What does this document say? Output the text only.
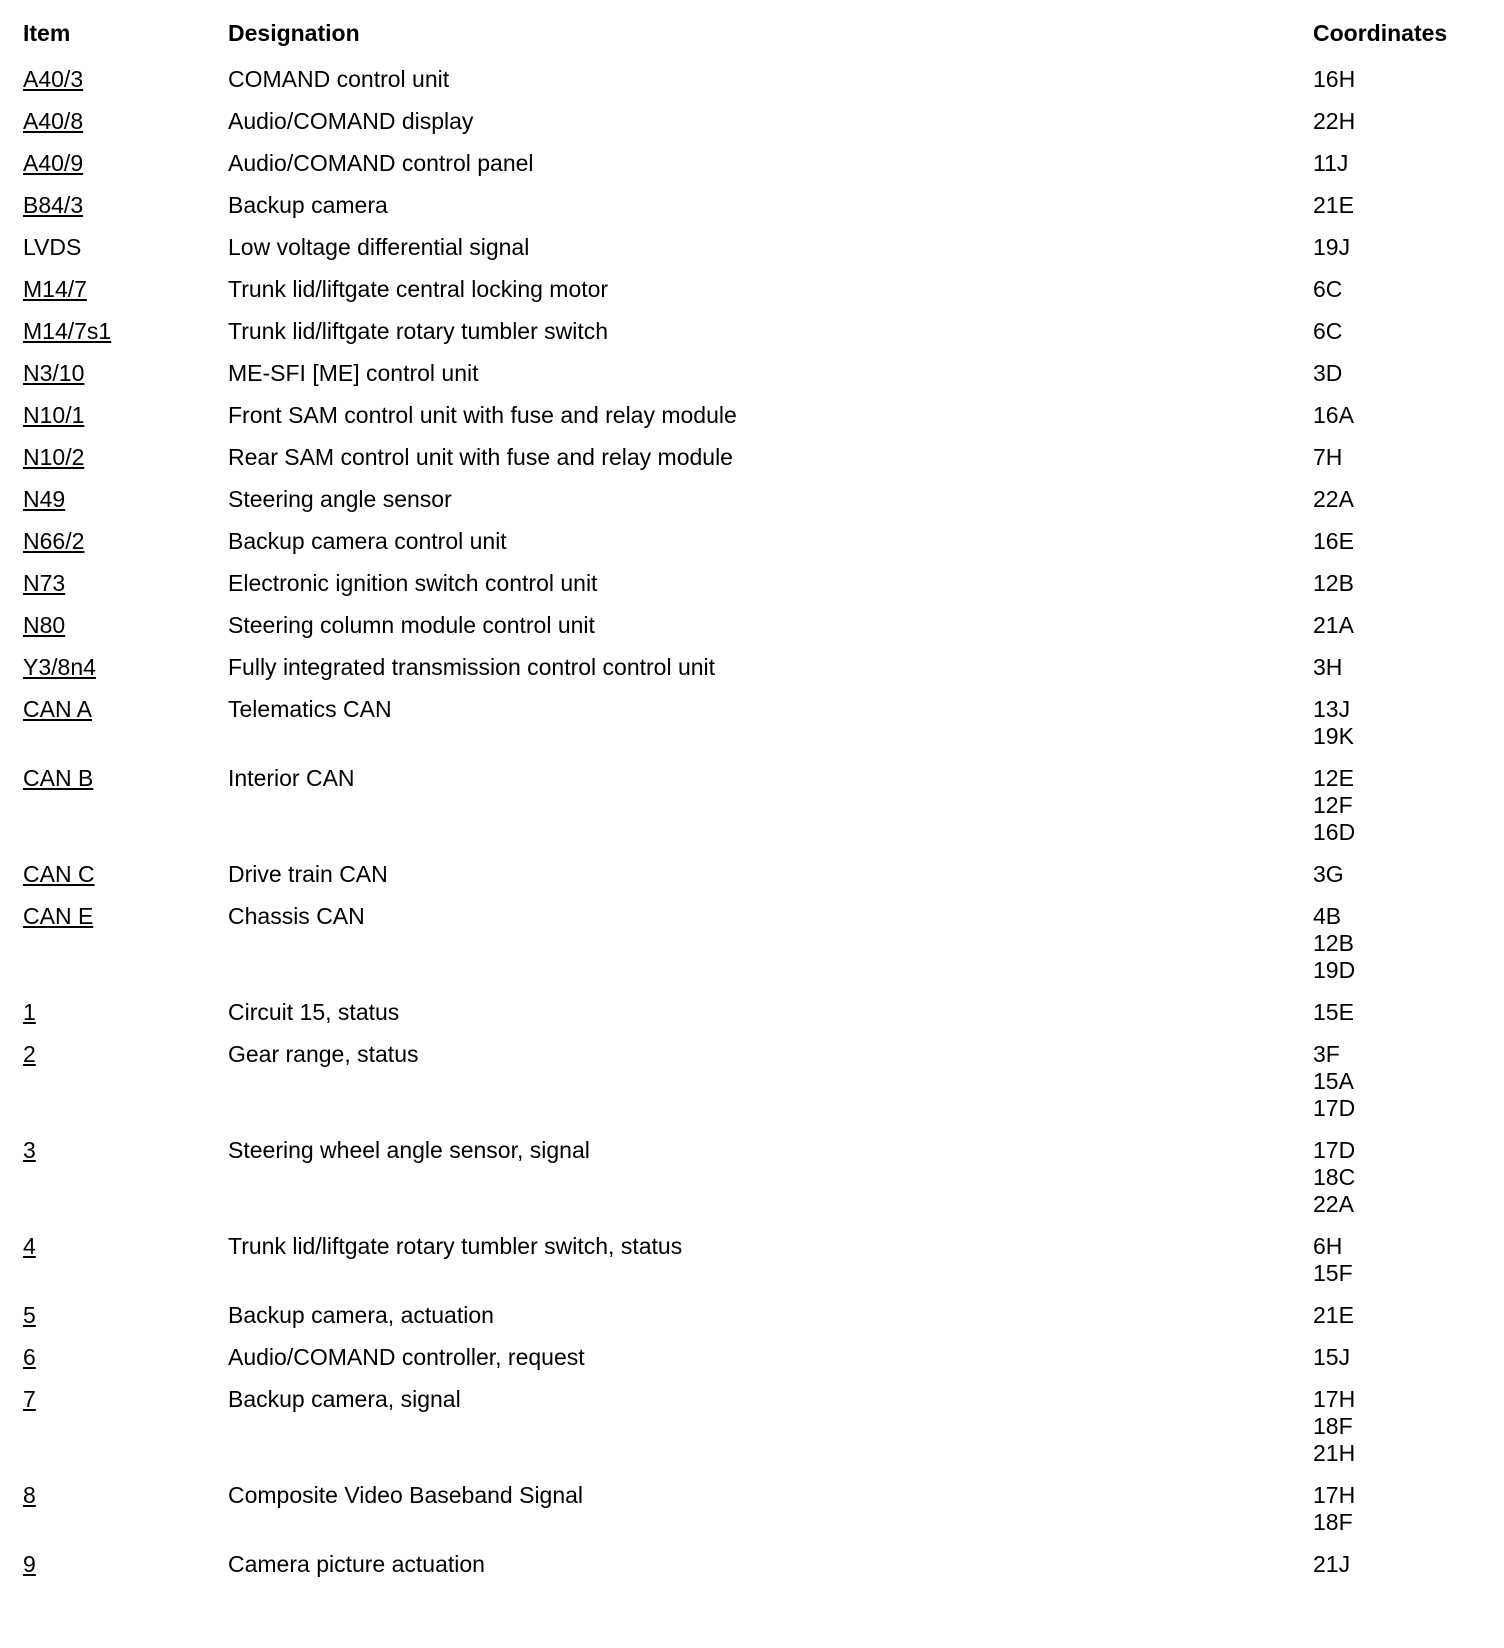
Item	Designation	Coordinates
A40/3	COMAND control unit	16H
A40/8	Audio/COMAND display	22H
A40/9	Audio/COMAND control panel	11J
B84/3	Backup camera	21E
LVDS	Low voltage differential signal	19J
M14/7	Trunk lid/liftgate central locking motor	6C
M14/7s1	Trunk lid/liftgate rotary tumbler switch	6C
N3/10	ME-SFI [ME] control unit	3D
N10/1	Front SAM control unit with fuse and relay module	16A
N10/2	Rear SAM control unit with fuse and relay module	7H
N49	Steering angle sensor	22A
N66/2	Backup camera control unit	16E
N73	Electronic ignition switch control unit	12B
N80	Steering column module control unit	21A
Y3/8n4	Fully integrated transmission control control unit	3H
CAN A	Telematics CAN	13J
19K
CAN B	Interior CAN	12E
12F
16D
CAN C	Drive train CAN	3G
CAN E	Chassis CAN	4B
12B
19D
1	Circuit 15, status	15E
2	Gear range, status	3F
15A
17D
3	Steering wheel angle sensor, signal	17D
18C
22A
4	Trunk lid/liftgate rotary tumbler switch, status	6H
15F
5	Backup camera, actuation	21E
6	Audio/COMAND controller, request	15J
7	Backup camera, signal	17H
18F
21H
8	Composite Video Baseband Signal	17H
18F
9	Camera picture actuation	21J
